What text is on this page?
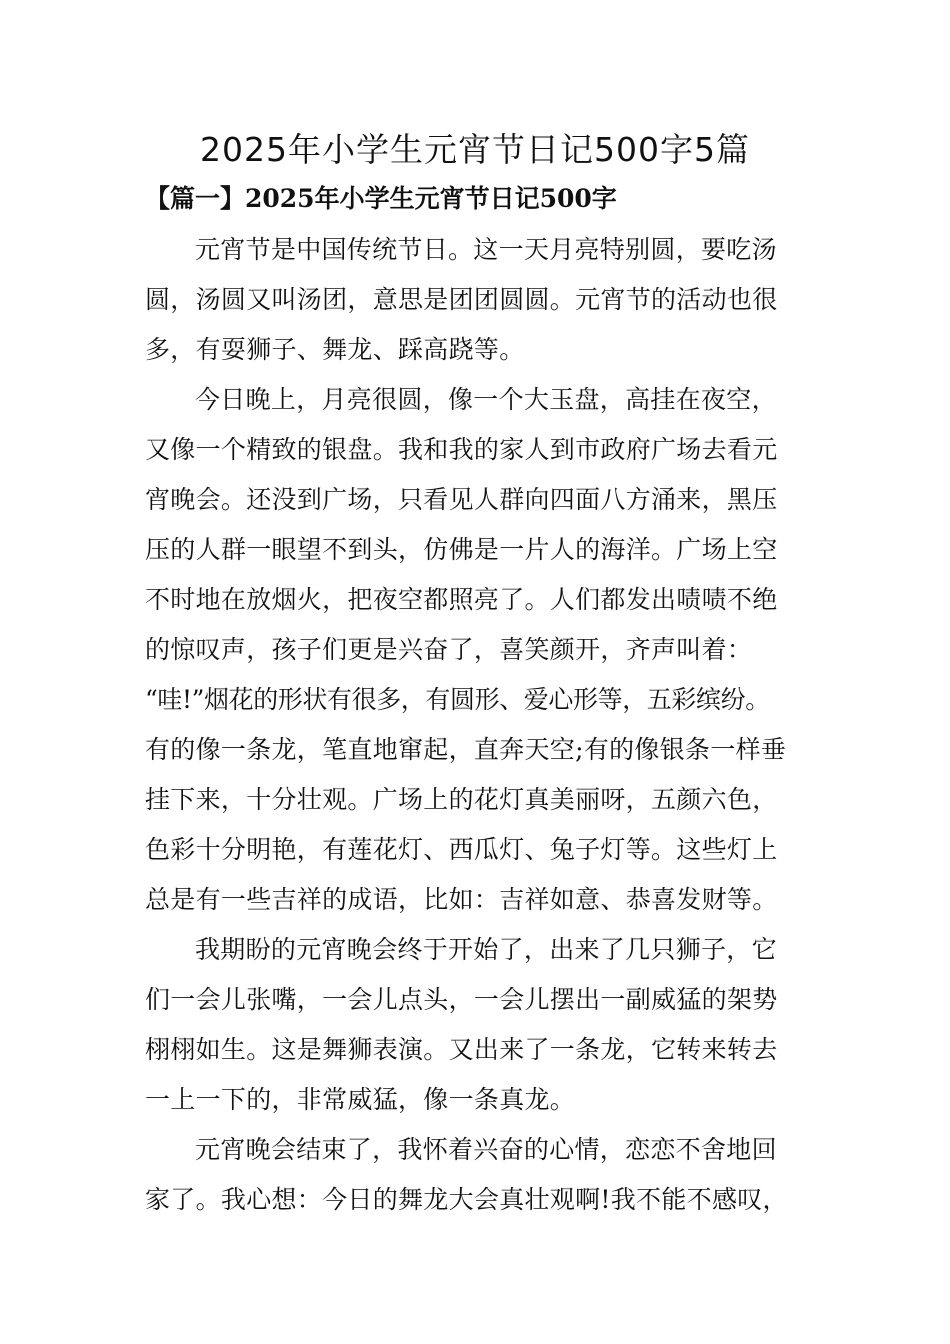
2025年小学生元宵节日记500字5篇
【篇一】2025年小学生元宵节日记500字
元宵节是中国传统节日。这一天月亮特别圆，要吃汤
圆，汤圆又叫汤团，意思是团团圆圆。元宵节的活动也很
多，有耍狮子、舞龙、踩高跷等。
今日晚上，月亮很圆，像一个大玉盘，高挂在夜空，
又像一个精致的银盘。我和我的家人到市政府广场去看元
宵晚会。还没到广场，只看见人群向四面八方涌来，黑压
压的人群一眼望不到头，仿佛是一片人的海洋。广场上空
不时地在放烟火，把夜空都照亮了。人们都发出啧啧不绝
的惊叹声，孩子们更是兴奋了，喜笑颜开，齐声叫着：
“哇!”烟花的形状有很多，有圆形、爱心形等，五彩缤纷。
有的像一条龙，笔直地窜起，直奔天空;有的像银条一样垂
挂下来，十分壮观。广场上的花灯真美丽呀，五颜六色，
色彩十分明艳，有莲花灯、西瓜灯、兔子灯等。这些灯上
总是有一些吉祥的成语，比如：吉祥如意、恭喜发财等。
我期盼的元宵晚会终于开始了，出来了几只狮子，它
们一会儿张嘴，一会儿点头，一会儿摆出一副威猛的架势
栩栩如生。这是舞狮表演。又出来了一条龙，它转来转去
一上一下的，非常威猛，像一条真龙。
元宵晚会结束了，我怀着兴奋的心情，恋恋不舍地回
家了。我心想：今日的舞龙大会真壮观啊!我不能不感叹，
